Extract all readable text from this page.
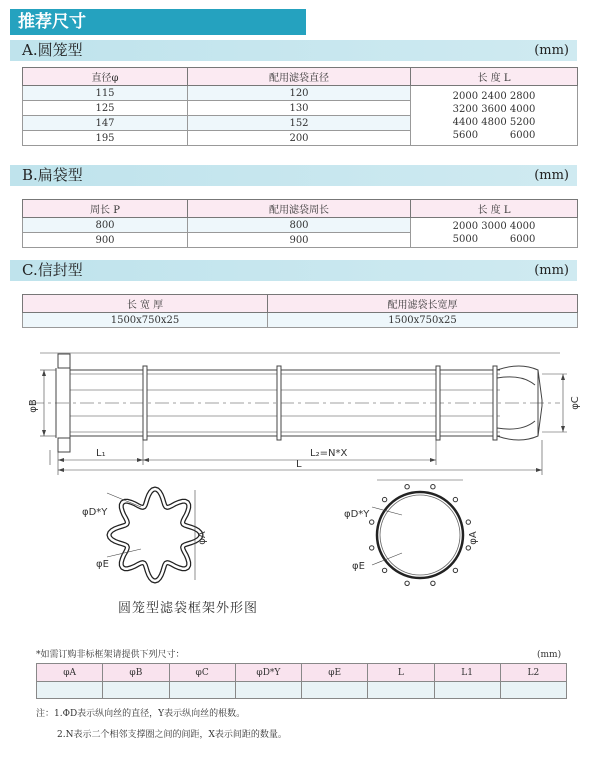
推荐尺寸
A.圆笼型	(mm)
直径φ	配用滤袋直径	长 度 L
115	120	2000 2400 2800
3200 3600 4000
4400 4800 5200
5600          6000

125	130	
147	152	
195	200	
B.扁袋型	(mm)
周长 P	配用滤袋周长	长 度 L
800	800	2000 3000 4000
5000          6000

900	900	
C.信封型	(mm)
长 宽 厚	配用滤袋长宽厚
1500x750x25	1500x750x25
φB	φC
L₁	L₂=N*X
L
φD*Y
φA
φE
φD*Y
φA
φE
圆笼型滤袋框架外形图
*如需订购非标框架请提供下列尺寸：	(mm)
φA	φB	φC	φD*Y	φE	L	L1	L2

注：1.ΦD表示纵向丝的直径，Y表示纵向丝的根数。
2.N表示二个相邻支撑圈之间的间距，X表示间距的数量。
